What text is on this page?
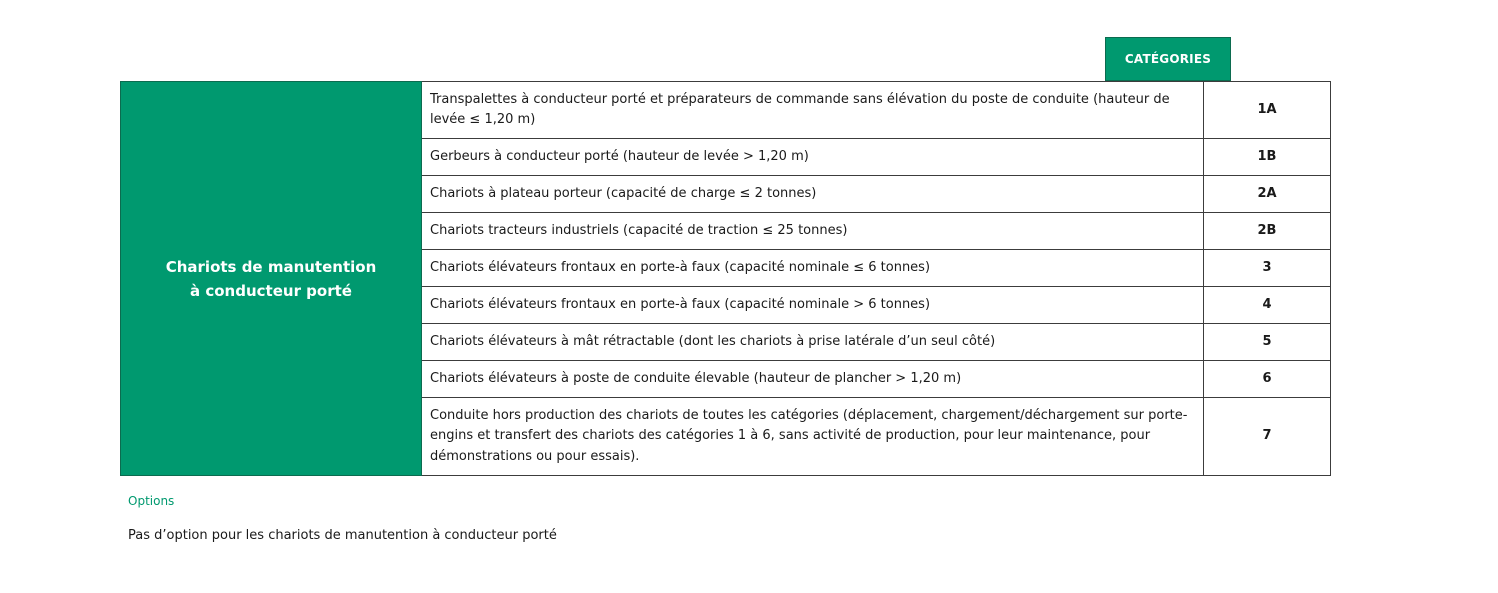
CATÉGORIES
Chariots de manutention à conducteur porté	Transpalettes à conducteur porté et préparateurs de commande sans élévation du poste de conduite (hauteur de levée ≤ 1,20 m)	1A
	Gerbeurs à conducteur porté (hauteur de levée > 1,20 m)	1B
	Chariots à plateau porteur (capacité de charge ≤ 2 tonnes)	2A
	Chariots tracteurs industriels (capacité de traction ≤ 25 tonnes)	2B
	Chariots élévateurs frontaux en porte-à faux (capacité nominale ≤ 6 tonnes)	3
	Chariots élévateurs frontaux en porte-à faux (capacité nominale > 6 tonnes)	4
	Chariots élévateurs à mât rétractable (dont les chariots à prise latérale d’un seul côté)	5
	Chariots élévateurs à poste de conduite élevable (hauteur de plancher > 1,20 m)	6
	Conduite hors production des chariots de toutes les catégories (déplacement, chargement/déchargement sur porte-engins et transfert des chariots des catégories 1 à 6, sans activité de production, pour leur maintenance, pour démonstrations ou pour essais).	7
Options
Pas d’option pour les chariots de manutention à conducteur porté
